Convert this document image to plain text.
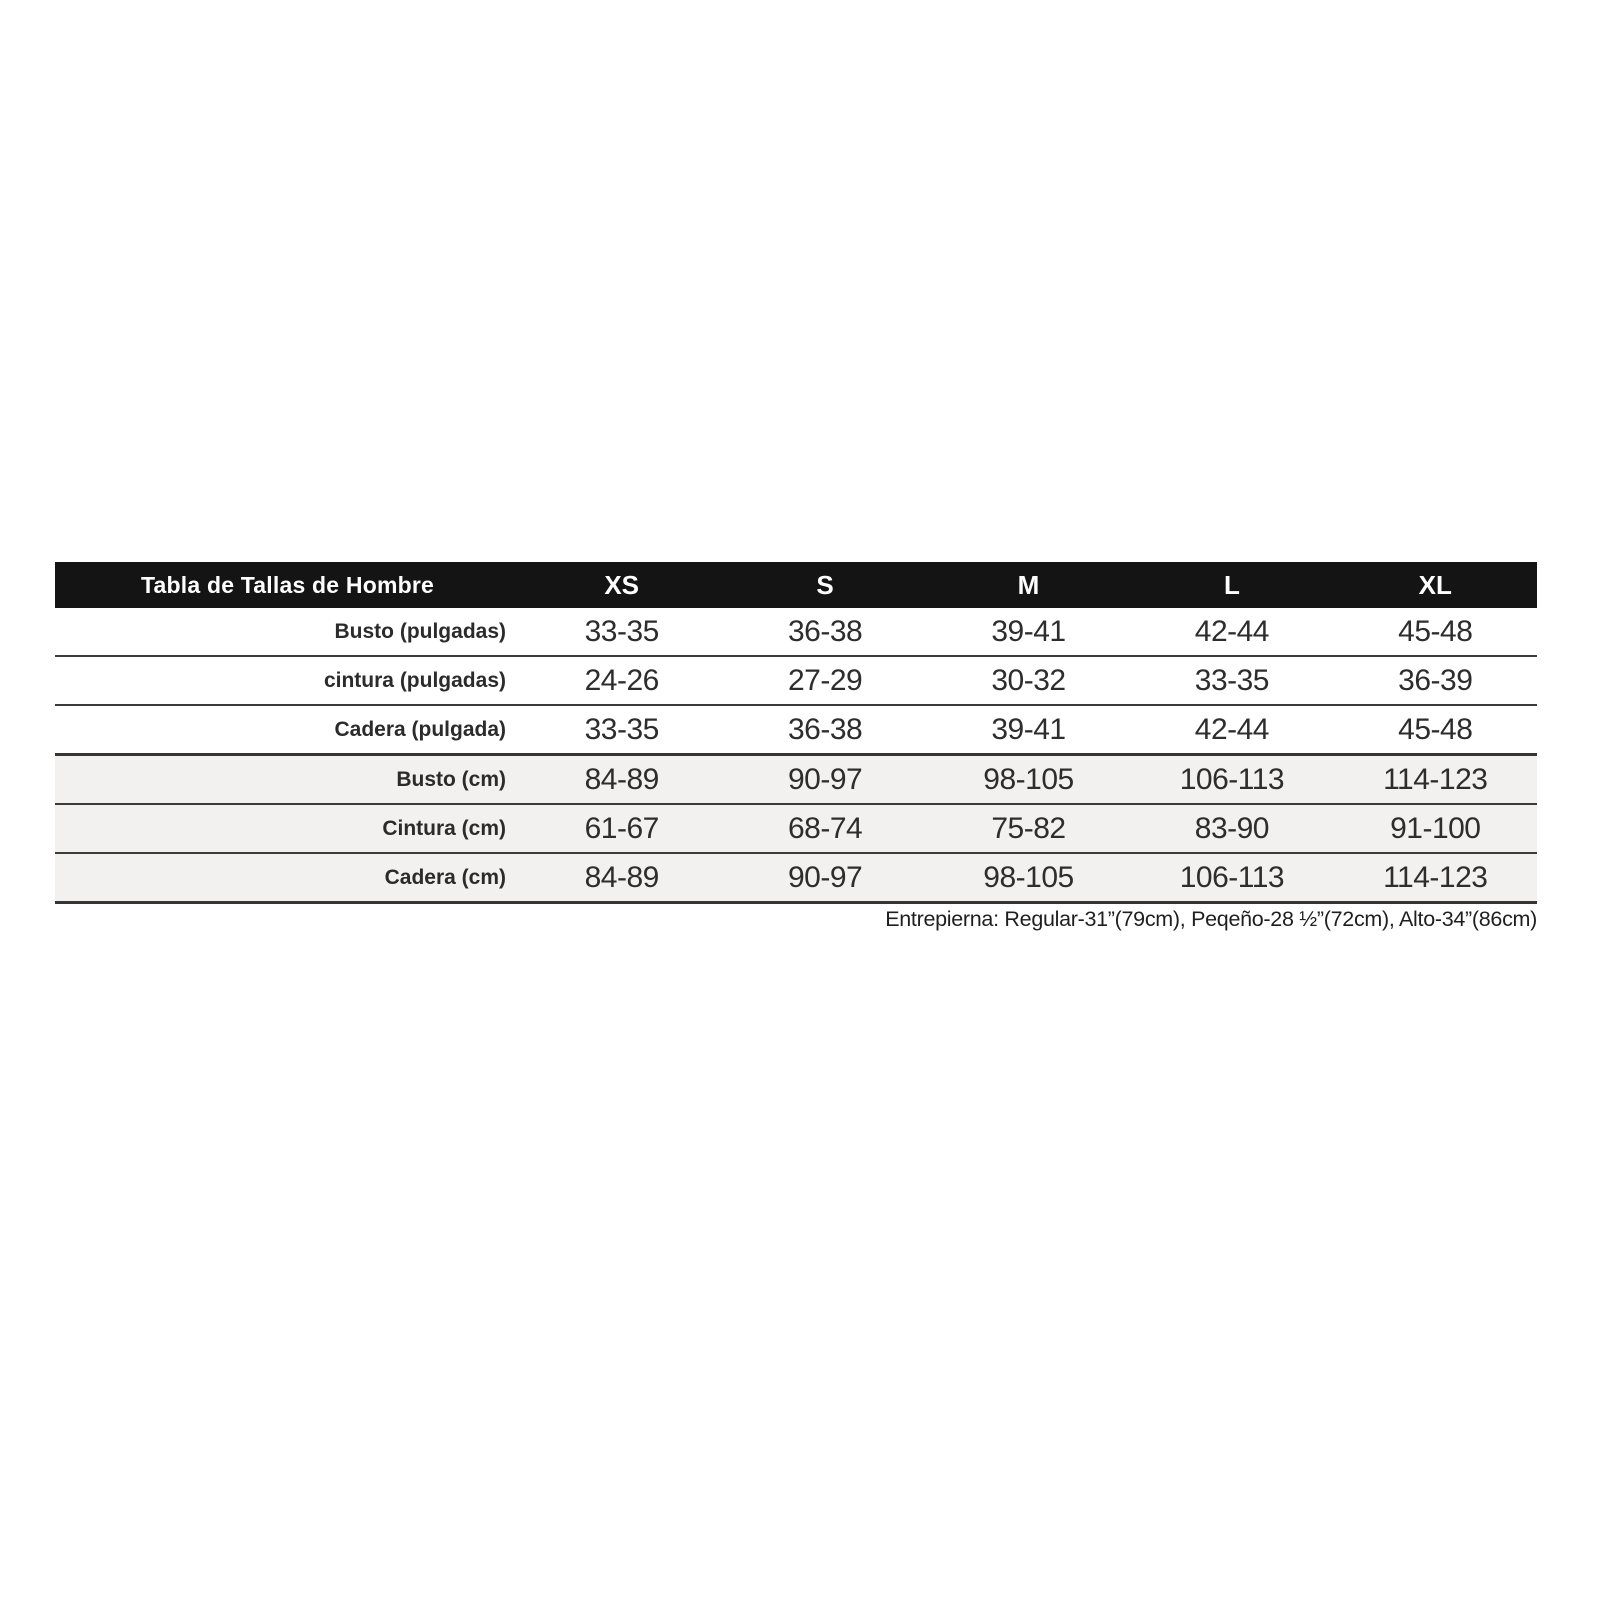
Tabla de Tallas de Hombre	XS	S	M	L	XL
Busto (pulgadas)	33-35	36-38	39-41	42-44	45-48
cintura (pulgadas)	24-26	27-29	30-32	33-35	36-39
Cadera (pulgada)	33-35	36-38	39-41	42-44	45-48
Busto (cm)	84-89	90-97	98-105	106-113	114-123
Cintura (cm)	61-67	68-74	75-82	83-90	91-100
Cadera (cm)	84-89	90-97	98-105	106-113	114-123
Entrepierna: Regular-31”(79cm), Peqeño-28 ½”(72cm), Alto-34”(86cm)
